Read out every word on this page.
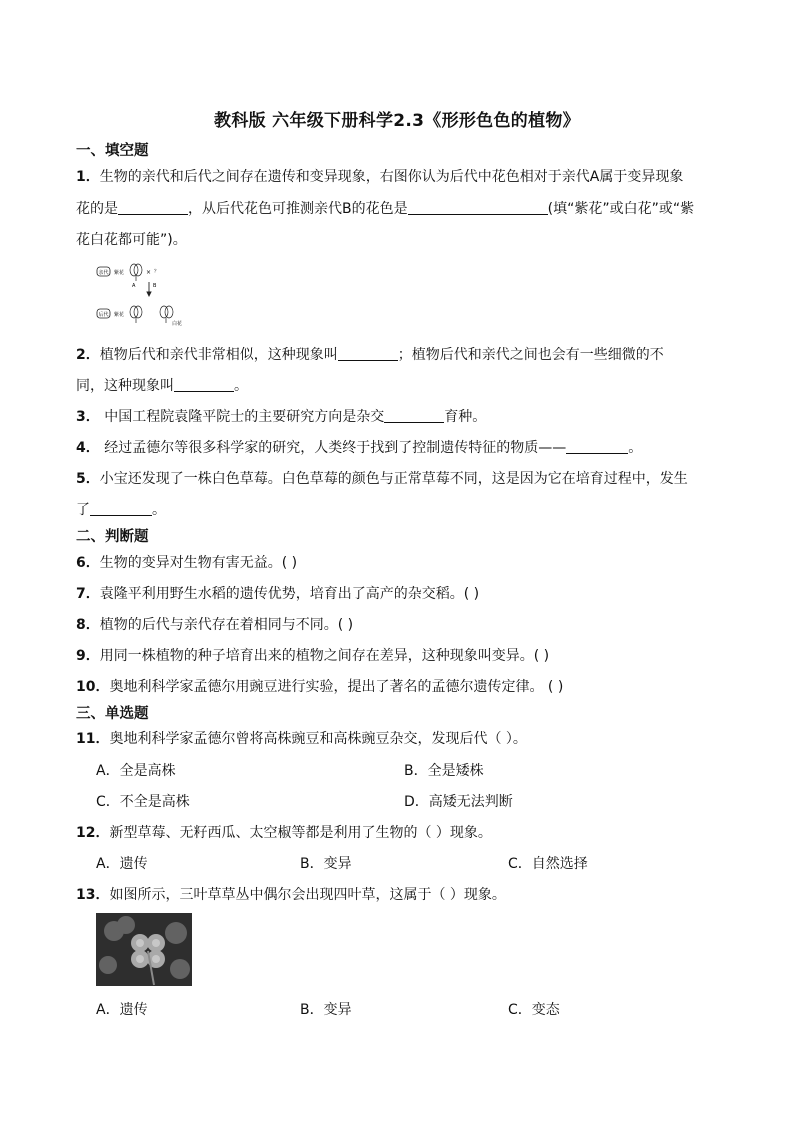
教科版 六年级下册科学2.3《形形色色的植物》
一、填空题
1．生物的亲代和后代之间存在遗传和变异现象，右图你认为后代中花色相对于亲代A属于变异现象
花的是	，从后代花色可推测亲代B的花色是	(填“紫花”或白花”或“紫
花白花都可能”)。
亲代 紫花	× ？
A	B
后代 紫花
白花
2．植物后代和亲代非常相似，这种现象叫	；植物后代和亲代之间也会有一些细微的不
同，这种现象叫	。
3． 中国工程院袁隆平院士的主要研究方向是杂交	育种。
4． 经过孟德尔等很多科学家的研究，人类终于找到了控制遗传特征的物质——	。
5．小宝还发现了一株白色草莓。白色草莓的颜色与正常草莓不同，这是因为它在培育过程中，发生
了	。
二、判断题
6．生物的变异对生物有害无益。( )
7．袁隆平利用野生水稻的遗传优势，培育出了高产的杂交稻。( )
8．植物的后代与亲代存在着相同与不同。( )
9．用同一株植物的种子培育出来的植物之间存在差异，这种现象叫变异。( )
10．奥地利科学家孟德尔用豌豆进行实验，提出了著名的孟德尔遗传定律。 ( )
三、单选题
11．奥地利科学家孟德尔曾将高株豌豆和高株豌豆杂交，发现后代（ ）。
A．全是高株	B．全是矮株
C．不全是高株	D．高矮无法判断
12．新型草莓、无籽西瓜、太空椒等都是利用了生物的（ ）现象。
A．遗传	B．变异	C．自然选择
13．如图所示，三叶草草丛中偶尔会出现四叶草，这属于（ ）现象。
A．遗传	B．变异	C．变态
